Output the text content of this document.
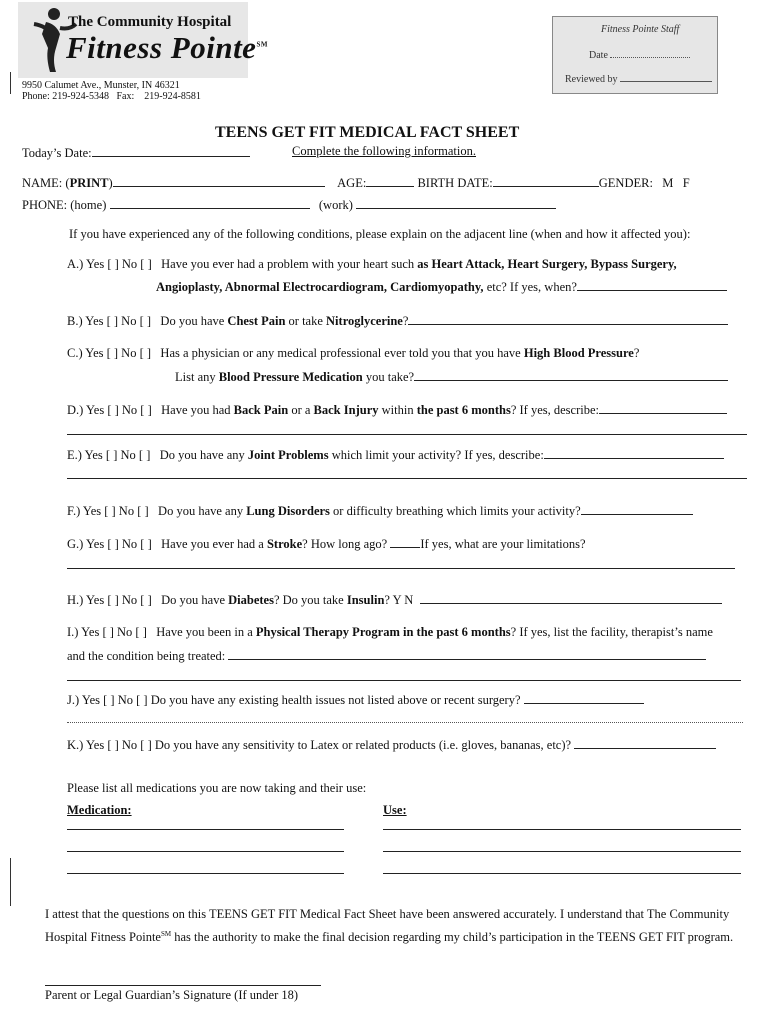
The Community Hospital
Fitness Pointe℠
9950 Calumet Ave., Munster, IN 46321
Phone: 219-924-5348 Fax: 219-924-8581
Fitness Pointe Staff
Date
Reviewed by
TEENS GET FIT MEDICAL FACT SHEET
Today’s Date:	Complete the following information.
NAME: (PRINT)	AGE:	BIRTH DATE:	GENDER: M F
PHONE: (home)	(work)
If you have experienced any of the following conditions, please explain on the adjacent line (when and how it affected you):
A.) Yes [ ] No [ ] Have you ever had a problem with your heart such as Heart Attack, Heart Surgery, Bypass Surgery,
Angioplasty, Abnormal Electrocardiogram, Cardiomyopathy, etc? If yes, when?
B.) Yes [ ] No [ ] Do you have Chest Pain or take Nitroglycerine?
C.) Yes [ ] No [ ] Has a physician or any medical professional ever told you that you have High Blood Pressure?
List any Blood Pressure Medication you take?
D.) Yes [ ] No [ ] Have you had Back Pain or a Back Injury within the past 6 months? If yes, describe:
E.) Yes [ ] No [ ] Do you have any Joint Problems which limit your activity? If yes, describe:
F.) Yes [ ] No [ ] Do you have any Lung Disorders or difficulty breathing which limits your activity?
G.) Yes [ ] No [ ] Have you ever had a Stroke? How long ago? If yes, what are your limitations?
H.) Yes [ ] No [ ] Do you have Diabetes? Do you take Insulin? Y N
I.) Yes [ ] No [ ] Have you been in a Physical Therapy Program in the past 6 months? If yes, list the facility, therapist’s name
and the condition being treated:
J.) Yes [ ] No [ ] Do you have any existing health issues not listed above or recent surgery?
K.) Yes [ ] No [ ] Do you have any sensitivity to Latex or related products (i.e. gloves, bananas, etc)?
Please list all medications you are now taking and their use:
Medication:	Use:
I attest that the questions on this TEENS GET FIT Medical Fact Sheet have been answered accurately. I understand that The Community
Hospital Fitness Pointe℠ has the authority to make the final decision regarding my child’s participation in the TEENS GET FIT program.
Parent or Legal Guardian’s Signature (If under 18)
